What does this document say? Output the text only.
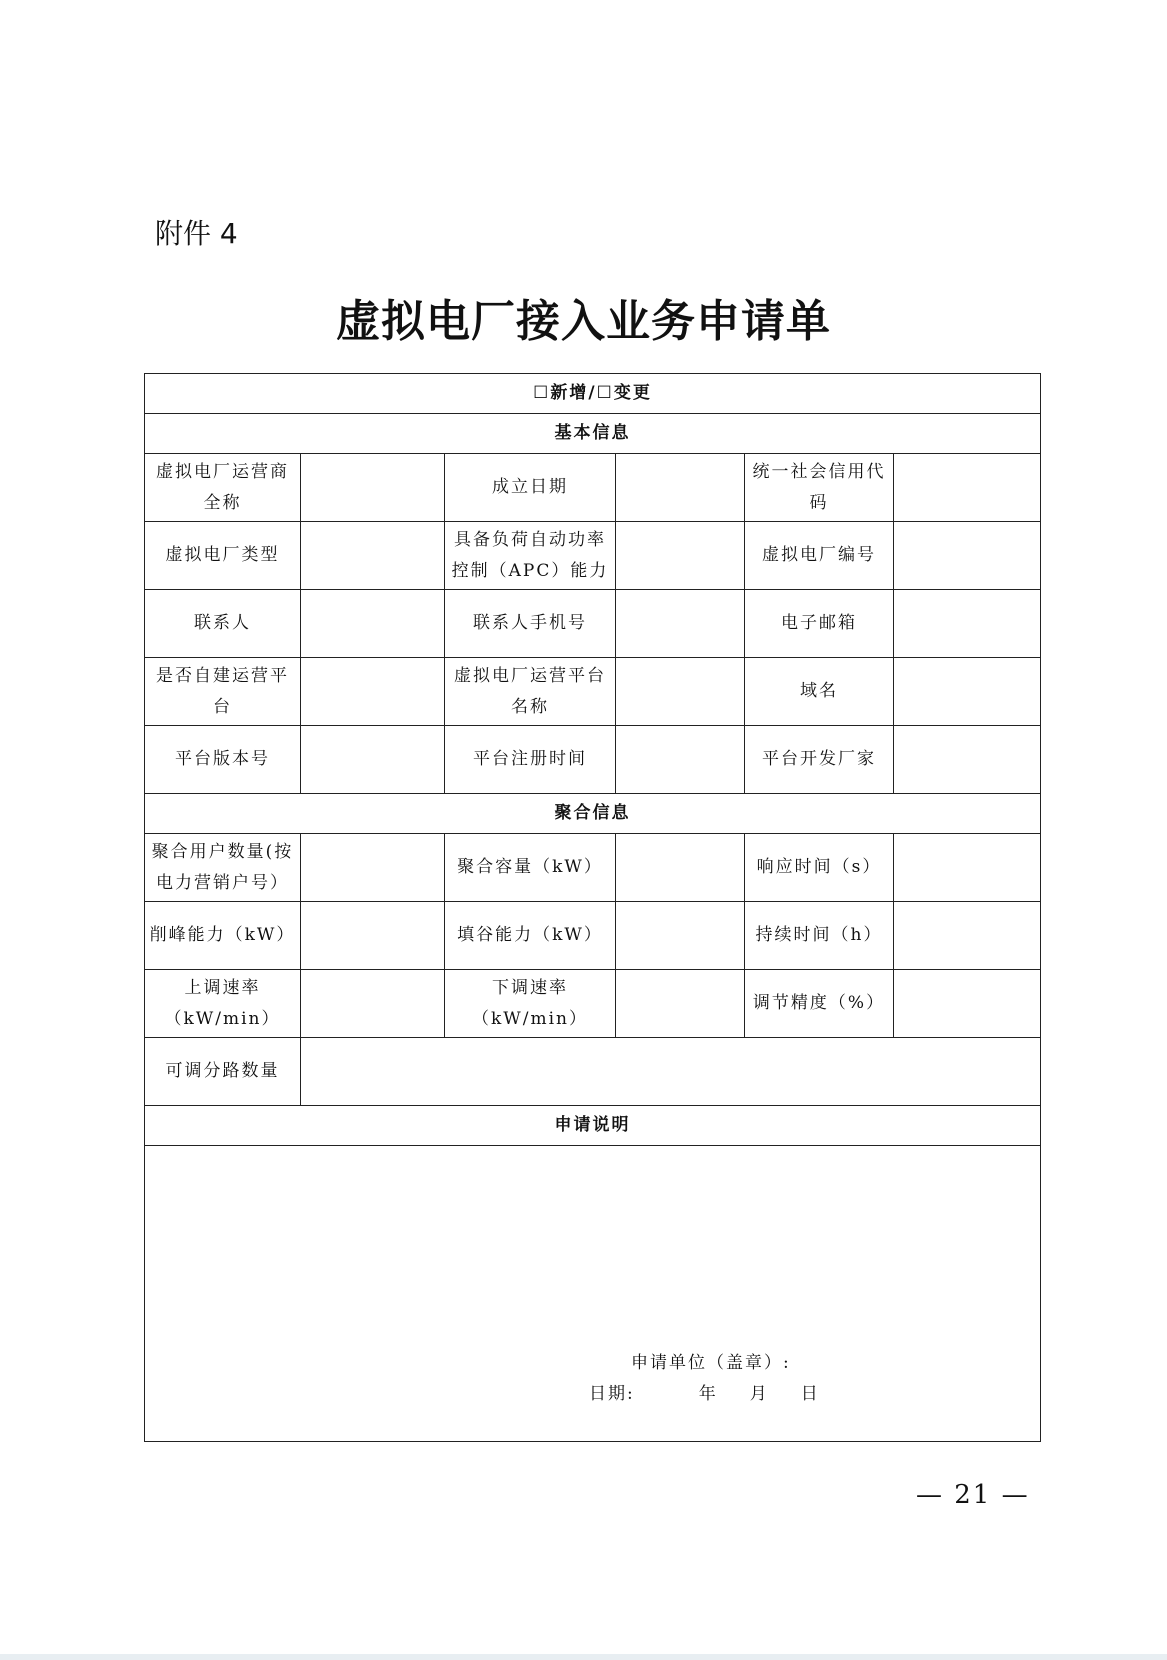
附件 4
虚拟电厂接入业务申请单
☐新增/☐变更					
基本信息					
虚拟电厂运营商全称		成立日期		统一社会信用代码	
虚拟电厂类型		具备负荷自动功率控制（APC）能力		虚拟电厂编号	
联系人		联系人手机号		电子邮箱	
是否自建运营平台		虚拟电厂运营平台名称		域名	
平台版本号		平台注册时间		平台开发厂家	
聚合信息					
聚合用户数量(按电力营销户号）		聚合容量（kW）		响应时间（s）	
削峰能力（kW）		填谷能力（kW）		持续时间（h）	
上调速率（kW/min）		下调速率（kW/min）		调节精度（%）	
可调分路数量					
申请说明					

申请单位（盖章）:
日期: 年 月 日					
— 21 —
